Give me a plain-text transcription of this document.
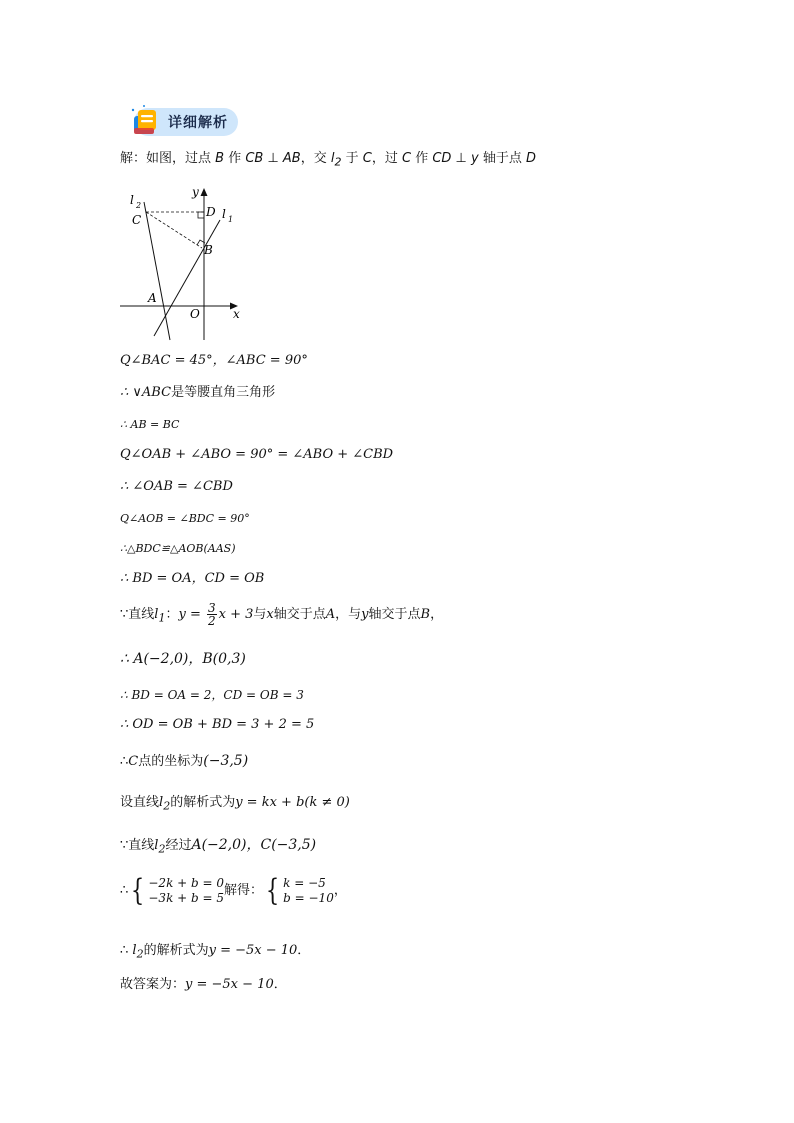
详细解析
解：如图，过点 B 作 CB ⊥ AB，交 $l_2$ 于 C，过 C 作 CD ⊥ y 轴于点 D
l 2
l 1
y
x
C
D
B
A
O
Q∠BAC = 45°，∠ABC = 90°
∴ ∨ABC是等腰直角三角形
∴ AB = BC
Q∠OAB + ∠ABO = 90° = ∠ABO + ∠CBD
∴ ∠OAB = ∠CBD
Q∠AOB = ∠BDC = 90°
∴△BDC≌△AOB(AAS)
∴ BD = OA，CD = OB
∵直线$l_1$：$y = \frac{3}{2}$ x + 3与x轴交于点A，与y轴交于点B，
∴ A(−2,0)，B(0,3)
∴ BD = OA = 2，CD = OB = 3
∴ OD = OB + BD = 3 + 2 = 5
∴C点的坐标为(−3,5)
设直线$l_2$的解析式为y = kx + b(k ≠ 0)
∵直线$l_2$经过A(−2,0)，C(−3,5)
∴{ −2k + b = 0
−3k + b = 5 解得：{ k = −5
b = −10 ，
∴ $l_2$的解析式为y = −5x − 10．
故答案为：y = −5x − 10．
